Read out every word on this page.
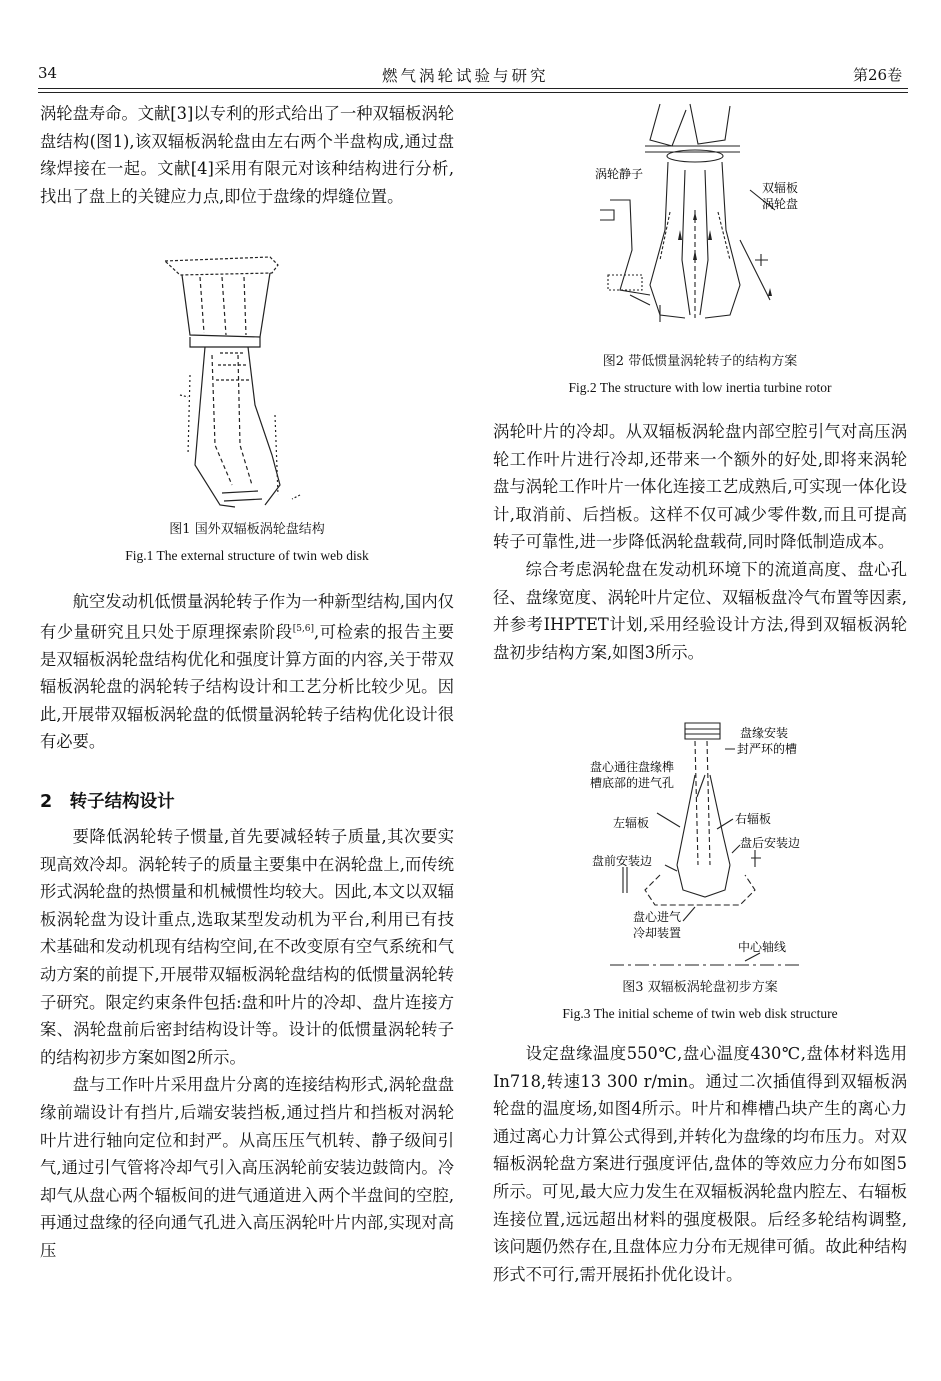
34	燃气涡轮试验与研究	第26卷

涡轮盘寿命。文献[3]以专利的形式给出了一种双辐板涡轮盘结构(图1),该双辐板涡轮盘由左右两个半盘构成,通过盘缘焊接在一起。文献[4]采用有限元对该种结构进行分析,找出了盘上的关键应力点,即位于盘缘的焊缝位置。

图1 国外双辐板涡轮盘结构
Fig.1 The external structure of twin web disk

航空发动机低惯量涡轮转子作为一种新型结构,国内仅有少量研究且只处于原理探索阶段[5,6],可检索的报告主要是双辐板涡轮盘结构优化和强度计算方面的内容,关于带双辐板涡轮盘的涡轮转子结构设计和工艺分析比较少见。因此,开展带双辐板涡轮盘的低惯量涡轮转子结构优化设计很有必要。

2　转子结构设计

要降低涡轮转子惯量,首先要减轻转子质量,其次要实现高效冷却。涡轮转子的质量主要集中在涡轮盘上,而传统形式涡轮盘的热惯量和机械惯性均较大。因此,本文以双辐板涡轮盘为设计重点,选取某型发动机为平台,利用已有技术基础和发动机现有结构空间,在不改变原有空气系统和气动方案的前提下,开展带双辐板涡轮盘结构的低惯量涡轮转子研究。限定约束条件包括:盘和叶片的冷却、盘片连接方案、涡轮盘前后密封结构设计等。设计的低惯量涡轮转子的结构初步方案如图2所示。

盘与工作叶片采用盘片分离的连接结构形式,涡轮盘盘缘前端设计有挡片,后端安装挡板,通过挡片和挡板对涡轮叶片进行轴向定位和封严。从高压压气机转、静子级间引气,通过引气管将冷却气引入高压涡轮前安装边鼓筒内。冷却气从盘心两个辐板间的进气通道进入两个半盘间的空腔,再通过盘缘的径向通气孔进入高压涡轮叶片内部,实现对高压

涡轮静子
双辐板
涡轮盘
图2 带低惯量涡轮转子的结构方案
Fig.2 The structure with low inertia turbine rotor

涡轮叶片的冷却。从双辐板涡轮盘内部空腔引气对高压涡轮工作叶片进行冷却,还带来一个额外的好处,即将来涡轮盘与涡轮工作叶片一体化连接工艺成熟后,可实现一体化设计,取消前、后挡板。这样不仅可减少零件数,而且可提高转子可靠性,进一步降低涡轮盘载荷,同时降低制造成本。

综合考虑涡轮盘在发动机环境下的流道高度、盘心孔径、盘缘宽度、涡轮叶片定位、双辐板盘冷气布置等因素,并参考IHPTET计划,采用经验设计方法,得到双辐板涡轮盘初步结构方案,如图3所示。

盘缘安装
封严环的槽
盘心通往盘缘榫
槽底部的进气孔
左辐板	右辐板
盘后安装边
盘前安装边
盘心进气
冷却装置
中心轴线
图3 双辐板涡轮盘初步方案
Fig.3 The initial scheme of twin web disk structure

设定盘缘温度550℃,盘心温度430℃,盘体材料选用In718,转速13 300 r/min。通过二次插值得到双辐板涡轮盘的温度场,如图4所示。叶片和榫槽凸块产生的离心力通过离心力计算公式得到,并转化为盘缘的均布压力。对双辐板涡轮盘方案进行强度评估,盘体的等效应力分布如图5所示。可见,最大应力发生在双辐板涡轮盘内腔左、右辐板连接位置,远远超出材料的强度极限。后经多轮结构调整,该问题仍然存在,且盘体应力分布无规律可循。故此种结构形式不可行,需开展拓扑优化设计。
